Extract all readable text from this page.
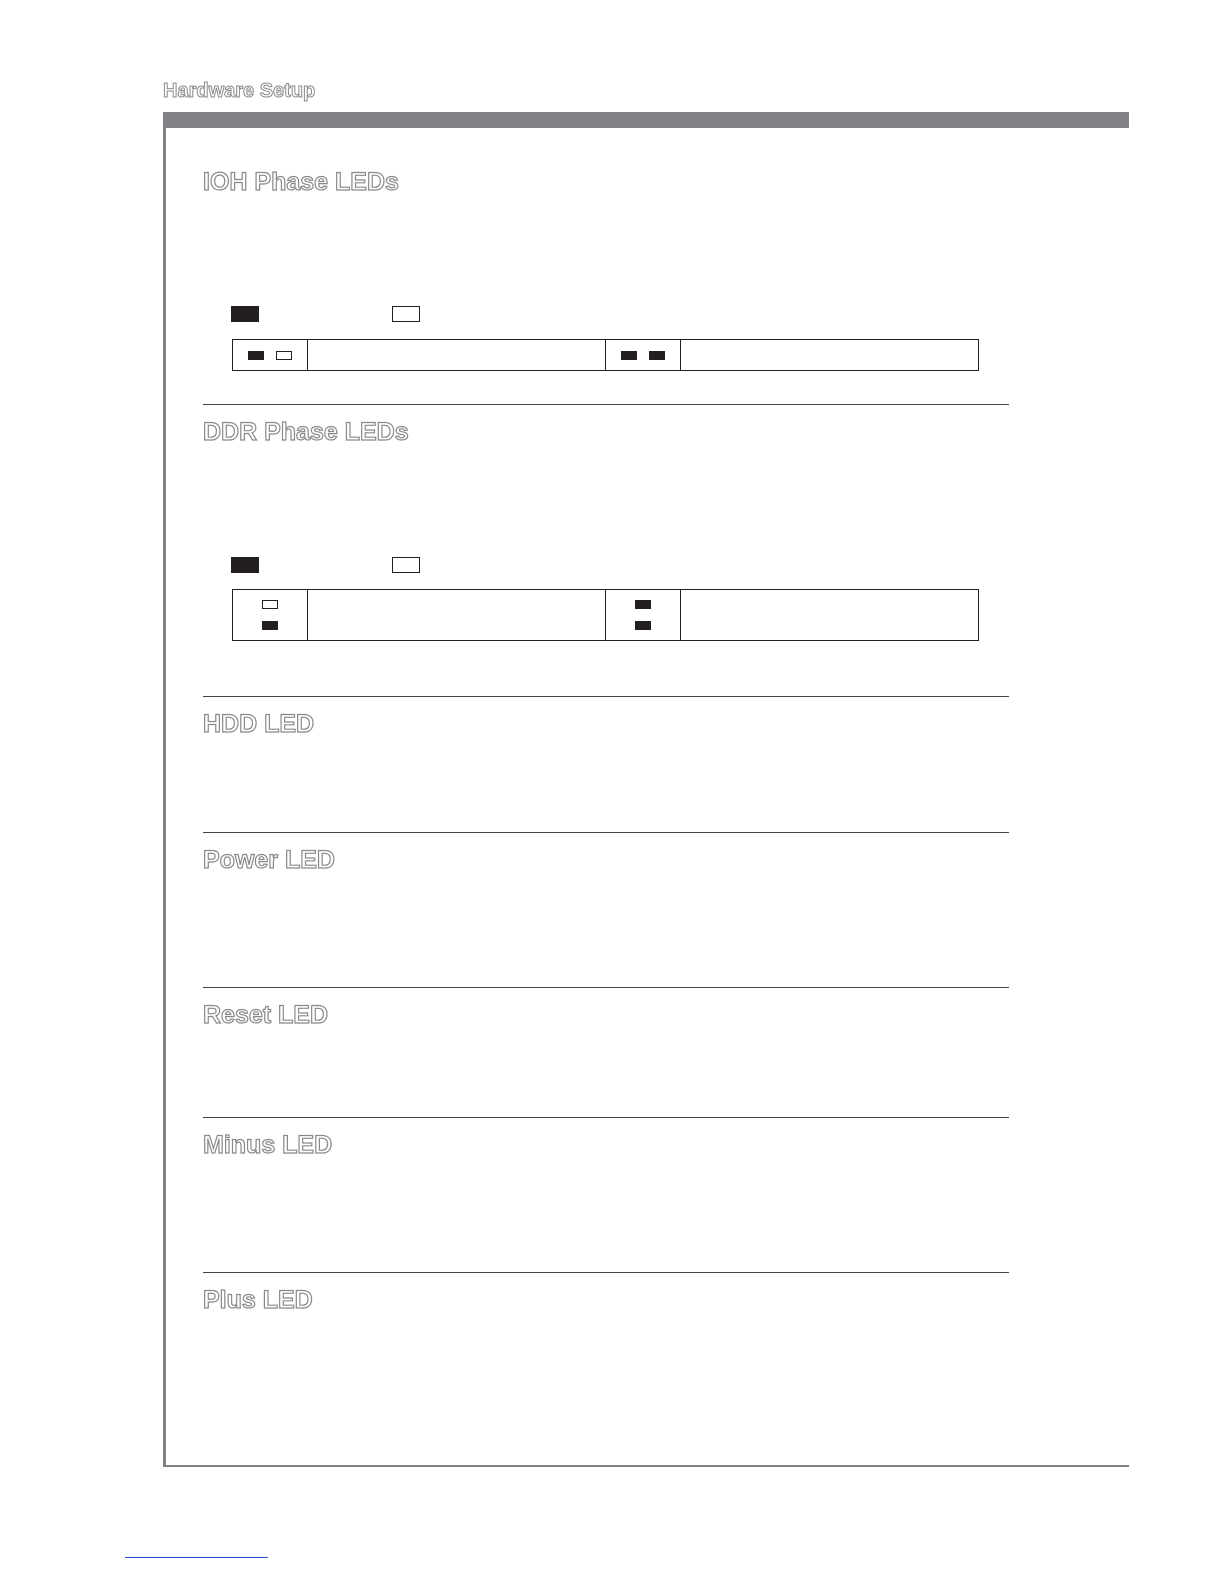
Hardware Setup
IOH Phase LEDs
DDR Phase LEDs
HDD LED
Power LED
Reset LED
Minus LED
Plus LED
